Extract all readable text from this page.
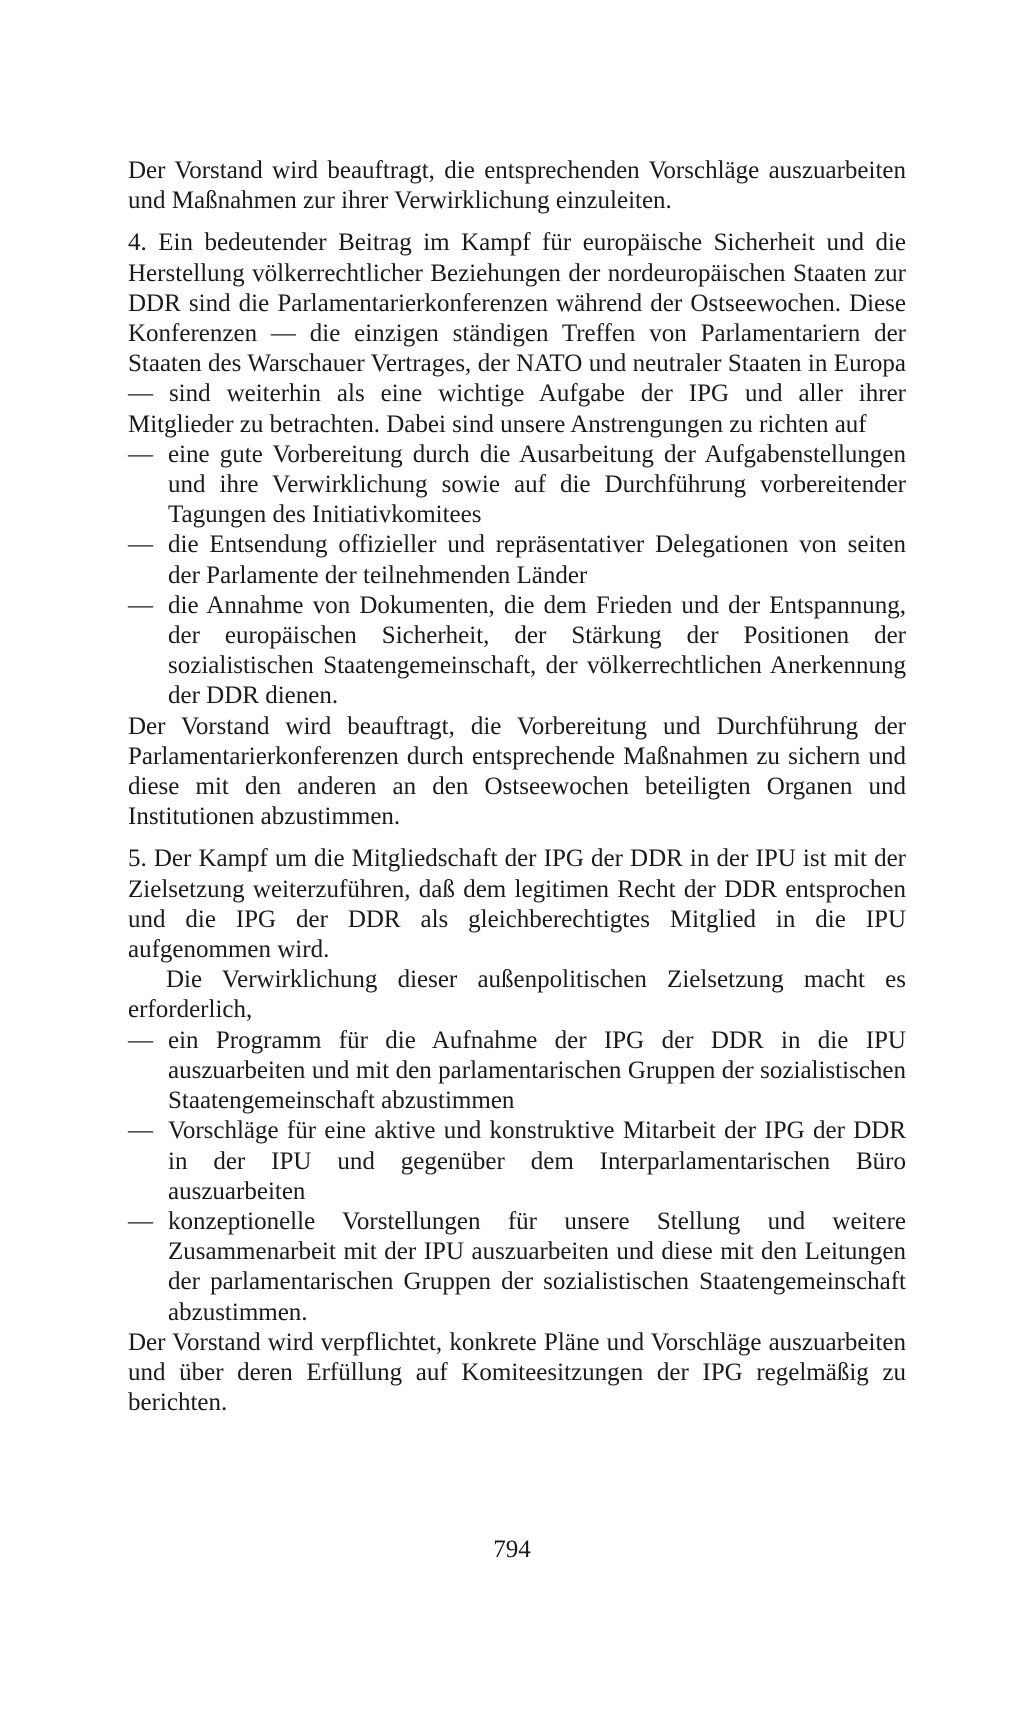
Der Vorstand wird beauftragt, die entsprechenden Vorschläge auszuarbeiten und Maßnahmen zur ihrer Verwirklichung einzuleiten.

4. Ein bedeutender Beitrag im Kampf für europäische Sicherheit und die Herstellung völkerrechtlicher Beziehungen der nordeuropäischen Staaten zur DDR sind die Parlamentarierkonferenzen während der Ostseewochen. Diese Konferenzen — die einzigen ständigen Treffen von Parlamentariern der Staaten des Warschauer Vertrages, der NATO und neutraler Staaten in Europa — sind weiterhin als eine wichtige Aufgabe der IPG und aller ihrer Mitglieder zu betrachten. Dabei sind unsere Anstrengungen zu richten auf

— eine gute Vorbereitung durch die Ausarbeitung der Aufgabenstellungen und ihre Verwirklichung sowie auf die Durchführung vorbereitender Tagungen des Initiativkomitees
— die Entsendung offizieller und repräsentativer Delegationen von seiten der Parlamente der teilnehmenden Länder
— die Annahme von Dokumenten, die dem Frieden und der Entspannung, der europäischen Sicherheit, der Stärkung der Positionen der sozialistischen Staatengemeinschaft, der völkerrechtlichen Anerkennung der DDR dienen.

Der Vorstand wird beauftragt, die Vorbereitung und Durchführung der Parlamentarierkonferenzen durch entsprechende Maßnahmen zu sichern und diese mit den anderen an den Ostseewochen beteiligten Organen und Institutionen abzustimmen.

5. Der Kampf um die Mitgliedschaft der IPG der DDR in der IPU ist mit der Zielsetzung weiterzuführen, daß dem legitimen Recht der DDR entsprochen und die IPG der DDR als gleichberechtigtes Mitglied in die IPU aufgenommen wird.

Die Verwirklichung dieser außenpolitischen Zielsetzung macht es erforderlich,

— ein Programm für die Aufnahme der IPG der DDR in die IPU auszuarbeiten und mit den parlamentarischen Gruppen der sozialistischen Staatengemeinschaft abzustimmen
— Vorschläge für eine aktive und konstruktive Mitarbeit der IPG der DDR in der IPU und gegenüber dem Interparlamentarischen Büro auszuarbeiten
— konzeptionelle Vorstellungen für unsere Stellung und weitere Zusammenarbeit mit der IPU auszuarbeiten und diese mit den Leitungen der parlamentarischen Gruppen der sozialistischen Staatengemeinschaft abzustimmen.

Der Vorstand wird verpflichtet, konkrete Pläne und Vorschläge auszuarbeiten und über deren Erfüllung auf Komiteesitzungen der IPG regelmäßig zu berichten.

794
